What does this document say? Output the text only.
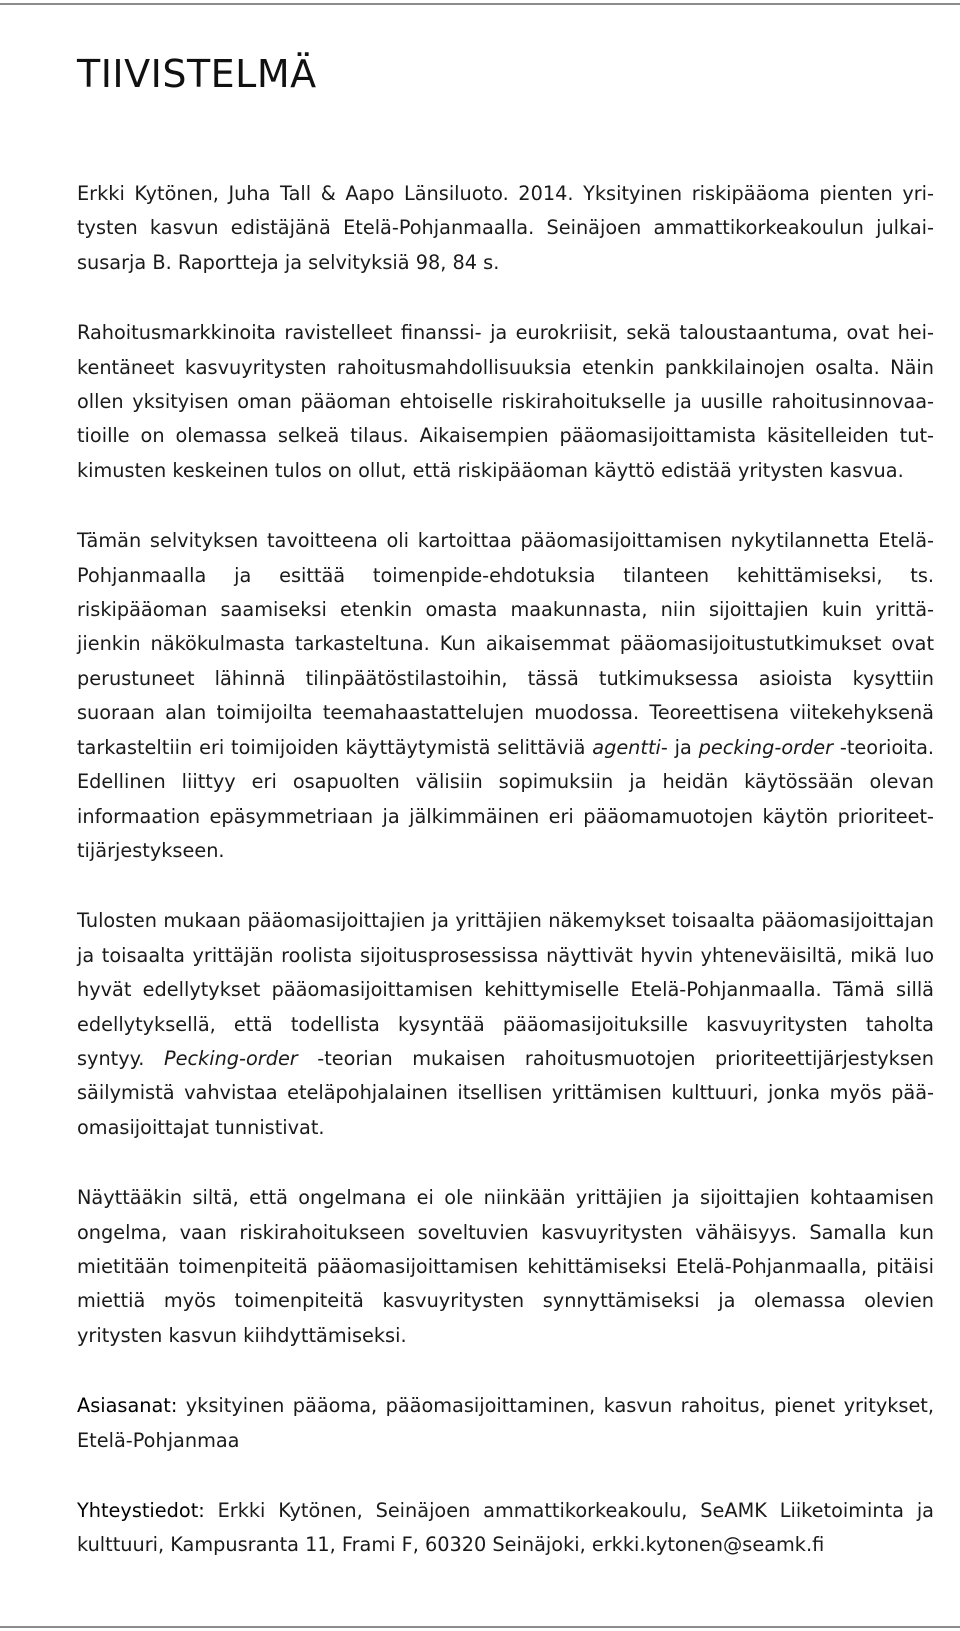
TIIVISTELMÄ

Erkki Kytönen, Juha Tall & Aapo Länsiluoto. 2014. Yksityinen riskipääoma pienten yritysten kasvun edistäjänä Etelä-Pohjanmaalla. Seinäjoen ammattikorkeakoulun julkaisusarja B. Raportteja ja selvityksiä 98, 84 s.

Rahoitusmarkkinoita ravistelleet finanssi- ja eurokriisit, sekä taloustaantuma, ovat heikentäneet kasvuyritysten rahoitusmahdollisuuksia etenkin pankkilainojen osalta. Näin ollen yksityisen oman pääoman ehtoiselle riskirahoitukselle ja uusille rahoitusinnovaatioille on olemassa selkeä tilaus. Aikaisempien pääomasijoittamista käsitelleiden tutkimusten keskeinen tulos on ollut, että riskipääoman käyttö edistää yritysten kasvua.

Tämän selvityksen tavoitteena oli kartoittaa pääomasijoittamisen nykytilannetta Etelä-Pohjanmaalla ja esittää toimenpide-ehdotuksia tilanteen kehittämiseksi, ts. riskipääoman saamiseksi etenkin omasta maakunnasta, niin sijoittajien kuin yrittäjienkin näkökulmasta tarkasteltuna. Kun aikaisemmat pääomasijoitustutkimukset ovat perustuneet lähinnä tilinpäätöstilastoihin, tässä tutkimuksessa asioista kysyttiin suoraan alan toimijoilta teemahaastattelujen muodossa. Teoreettisena viitekehyksenä tarkasteltiin eri toimijoiden käyttäytymistä selittäviä agentti- ja pecking-order -teorioita. Edellinen liittyy eri osapuolten välisiin sopimuksiin ja heidän käytössään olevan informaation epäsymmetriaan ja jälkimmäinen eri pääomamuotojen käytön prioriteettijärjestykseen.

Tulosten mukaan pääomasijoittajien ja yrittäjien näkemykset toisaalta pääomasijoittajan ja toisaalta yrittäjän roolista sijoitusprosessissa näyttivät hyvin yhteneväisiltä, mikä luo hyvät edellytykset pääomasijoittamisen kehittymiselle Etelä-Pohjanmaalla. Tämä sillä edellytyksellä, että todellista kysyntää pääomasijoituksille kasvuyritysten taholta syntyy. Pecking-order -teorian mukaisen rahoitusmuotojen prioriteettijärjestyksen säilymistä vahvistaa eteläpohjalainen itsellisen yrittämisen kulttuuri, jonka myös pääomasijoittajat tunnistivat.

Näyttääkin siltä, että ongelmana ei ole niinkään yrittäjien ja sijoittajien kohtaamisen ongelma, vaan riskirahoitukseen soveltuvien kasvuyritysten vähäisyys. Samalla kun mietitään toimenpiteitä pääomasijoittamisen kehittämiseksi Etelä-Pohjanmaalla, pitäisi miettiä myös toimenpiteitä kasvuyritysten synnyttämiseksi ja olemassa olevien yritysten kasvun kiihdyttämiseksi.

Asiasanat: yksityinen pääoma, pääomasijoittaminen, kasvun rahoitus, pienet yritykset, Etelä-Pohjanmaa

Yhteystiedot: Erkki Kytönen, Seinäjoen ammattikorkeakoulu, SeAMK Liiketoiminta ja kulttuuri, Kampusranta 11, Frami F, 60320 Seinäjoki, erkki.kytonen@seamk.fi
